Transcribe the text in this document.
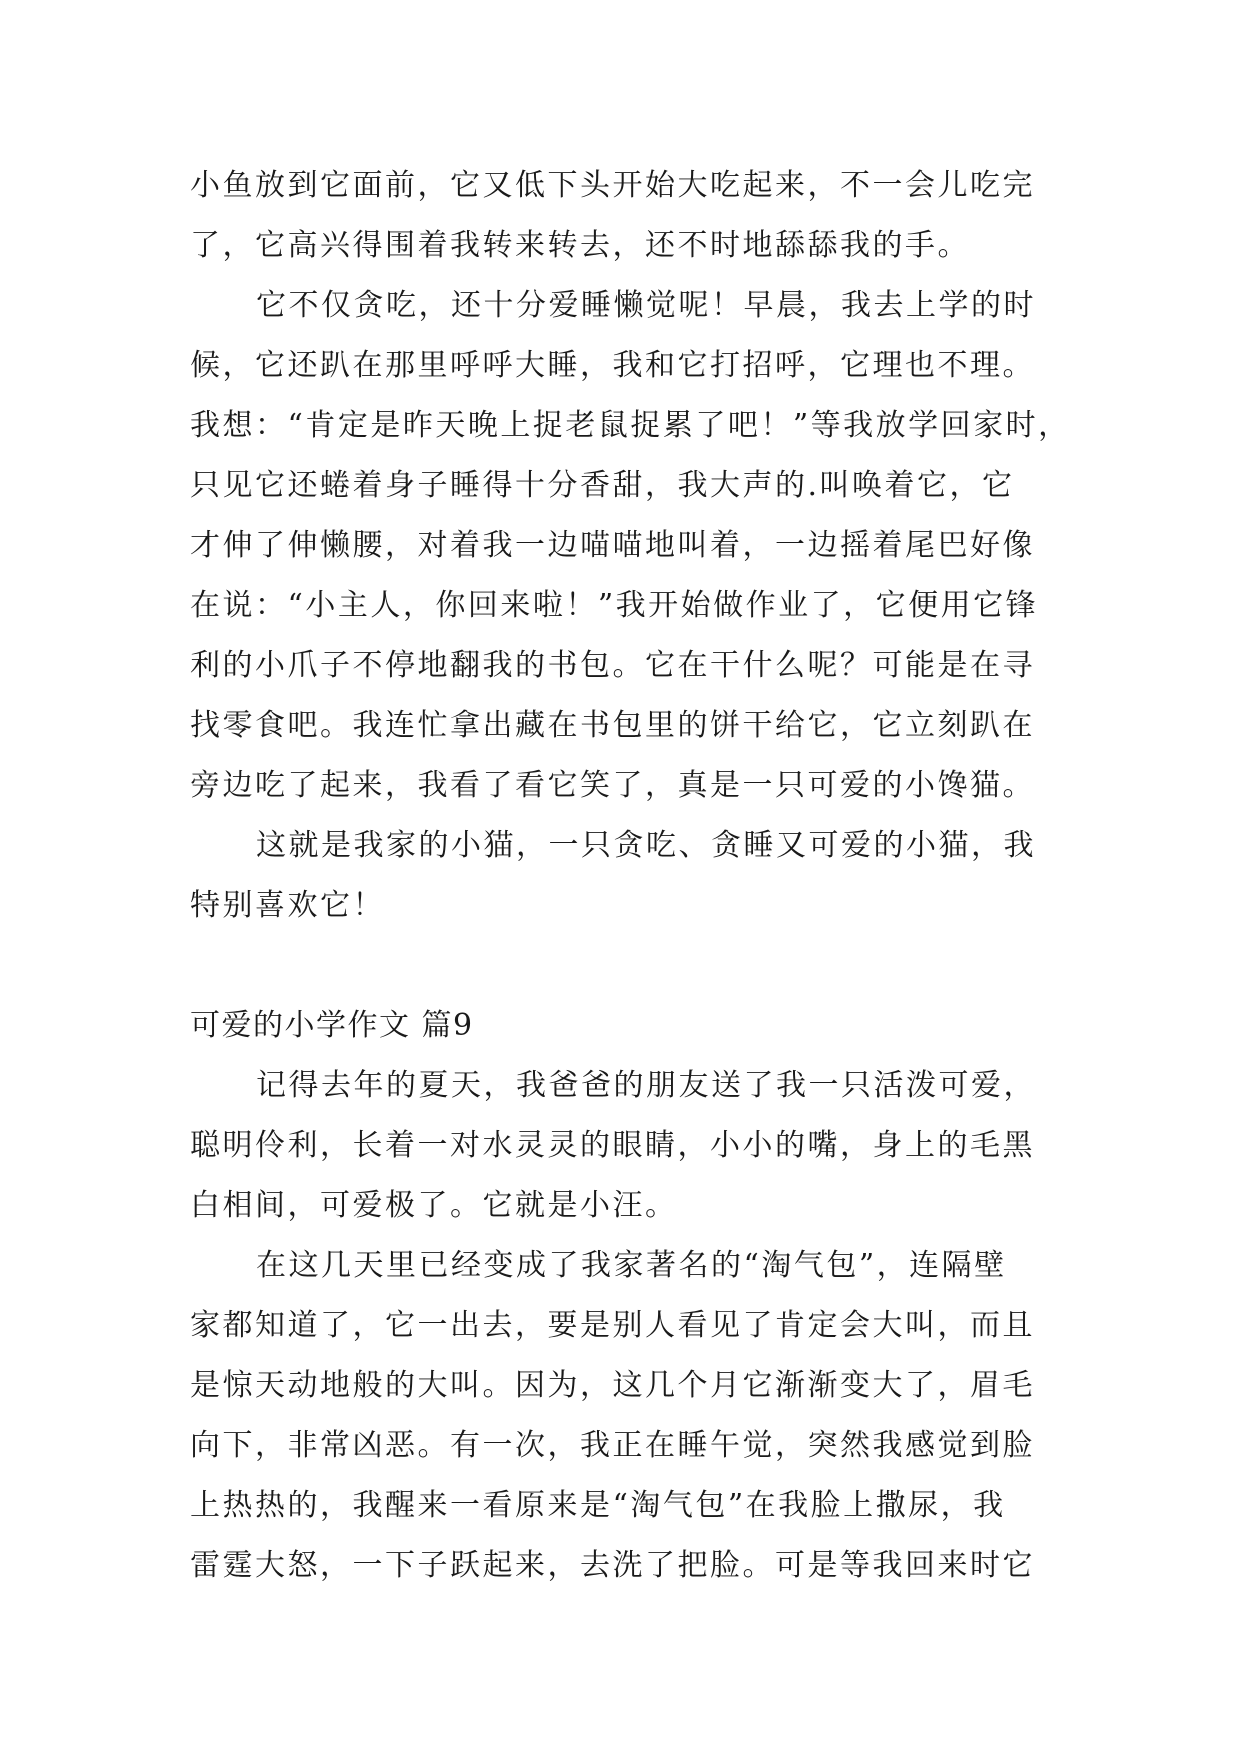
小鱼放到它面前，它又低下头开始大吃起来，不一会儿吃完
了，它高兴得围着我转来转去，还不时地舔舔我的手。
它不仅贪吃，还十分爱睡懒觉呢！早晨，我去上学的时
候，它还趴在那里呼呼大睡，我和它打招呼，它理也不理。
我想：“肯定是昨天晚上捉老鼠捉累了吧！”等我放学回家时，
只见它还蜷着身子睡得十分香甜，我大声的.叫唤着它，它
才伸了伸懒腰，对着我一边喵喵地叫着，一边摇着尾巴好像
在说：“小主人，你回来啦！”我开始做作业了，它便用它锋
利的小爪子不停地翻我的书包。它在干什么呢？可能是在寻
找零食吧。我连忙拿出藏在书包里的饼干给它，它立刻趴在
旁边吃了起来，我看了看它笑了，真是一只可爱的小馋猫。
这就是我家的小猫，一只贪吃、贪睡又可爱的小猫，我
特别喜欢它！
可爱的小学作文 篇9
记得去年的夏天，我爸爸的朋友送了我一只活泼可爱，
聪明伶利，长着一对水灵灵的眼睛，小小的嘴，身上的毛黑
白相间，可爱极了。它就是小汪。
在这几天里已经变成了我家著名的“淘气包”，连隔壁
家都知道了，它一出去，要是别人看见了肯定会大叫，而且
是惊天动地般的大叫。因为，这几个月它渐渐变大了，眉毛
向下，非常凶恶。有一次，我正在睡午觉，突然我感觉到脸
上热热的，我醒来一看原来是“淘气包”在我脸上撒尿，我
雷霆大怒，一下子跃起来，去洗了把脸。可是等我回来时它
